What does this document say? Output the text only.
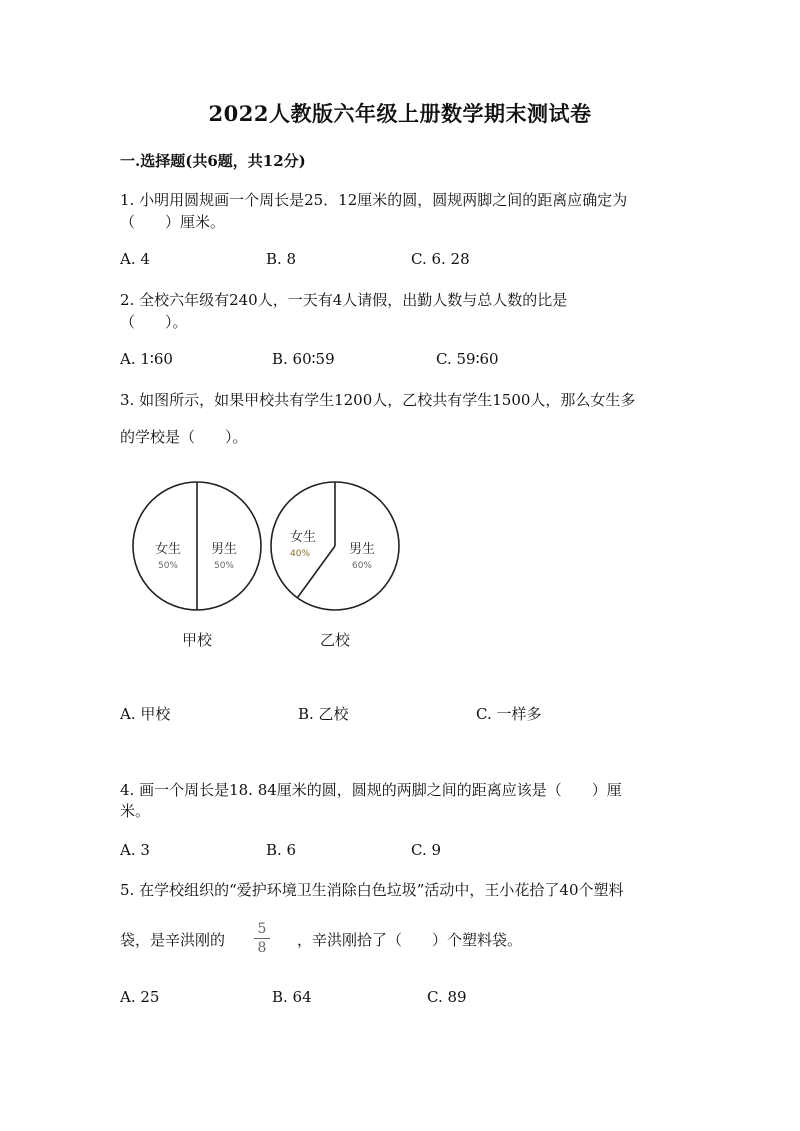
2022人教版六年级上册数学期末测试卷
一.选择题(共6题，共12分)
1. 小明用圆规画一个周长是25．12厘米的圆，圆规两脚之间的距离应确定为
（　　）厘米。
A. 4	B. 8	C. 6. 28
2. 全校六年级有240人，一天有4人请假，出勤人数与总人数的比是
（　　）。
A. 1∶60	B. 60∶59	C. 59∶60
3. 如图所示，如果甲校共有学生1200人，乙校共有学生1500人，那么女生多
的学校是（　　）。
女生
50%
男生
50%
甲校
女生
40%	男生
60%
乙校
A. 甲校	B. 乙校	C. 一样多
4. 画一个周长是18. 84厘米的圆，圆规的两脚之间的距离应该是（　　）厘
米。
A. 3	B. 6	C. 9
5. 在学校组织的“爱护环境卫生消除白色垃圾”活动中，王小花拾了40个塑料
袋，是辛洪刚的
5
8 ，辛洪刚拾了（　　）个塑料袋。
A. 25	B. 64	C. 89
